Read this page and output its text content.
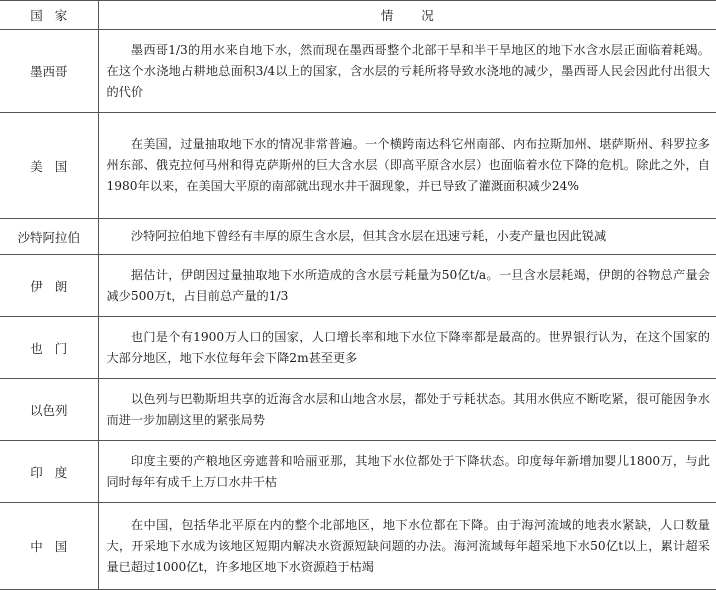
国家	情况
墨西哥	墨西哥1/3的用水来自地下水，然而现在墨西哥整个北部干旱和半干旱地区的地下水含水层正面临着耗竭。在这个水浇地占耕地总面积3/4以上的国家，含水层的亏耗所将导致水浇地的减少，墨西哥人民会因此付出很大的代价
美国	在美国，过量抽取地下水的情况非常普遍。一个横跨南达科它州南部、内布拉斯加州、堪萨斯州、科罗拉多州东部、俄克拉何马州和得克萨斯州的巨大含水层（即高平原含水层）也面临着水位下降的危机。除此之外，自1980年以来，在美国大平原的南部就出现水井干涸现象，并已导致了灌溉面积减少24%
沙特阿拉伯	沙特阿拉伯地下曾经有丰厚的原生含水层，但其含水层在迅速亏耗，小麦产量也因此锐减
伊朗	据估计，伊朗因过量抽取地下水所造成的含水层亏耗量为50亿t/a。一旦含水层耗竭，伊朗的谷物总产量会减少500万t，占目前总产量的1/3
也门	也门是个有1900万人口的国家，人口增长率和地下水位下降率都是最高的。世界银行认为，在这个国家的大部分地区，地下水位每年会下降2m甚至更多
以色列	以色列与巴勒斯坦共享的近海含水层和山地含水层，都处于亏耗状态。其用水供应不断吃紧，很可能因争水而进一步加剧这里的紧张局势
印度	印度主要的产粮地区旁遮普和哈丽亚那，其地下水位都处于下降状态。印度每年新增加婴儿1800万，与此同时每年有成千上万口水井干枯
中国	在中国，包括华北平原在内的整个北部地区，地下水位都在下降。由于海河流域的地表水紧缺，人口数量大，开采地下水成为该地区短期内解决水资源短缺问题的办法。海河流域每年超采地下水50亿t以上，累计超采量已超过1000亿t，许多地区地下水资源趋于枯竭
